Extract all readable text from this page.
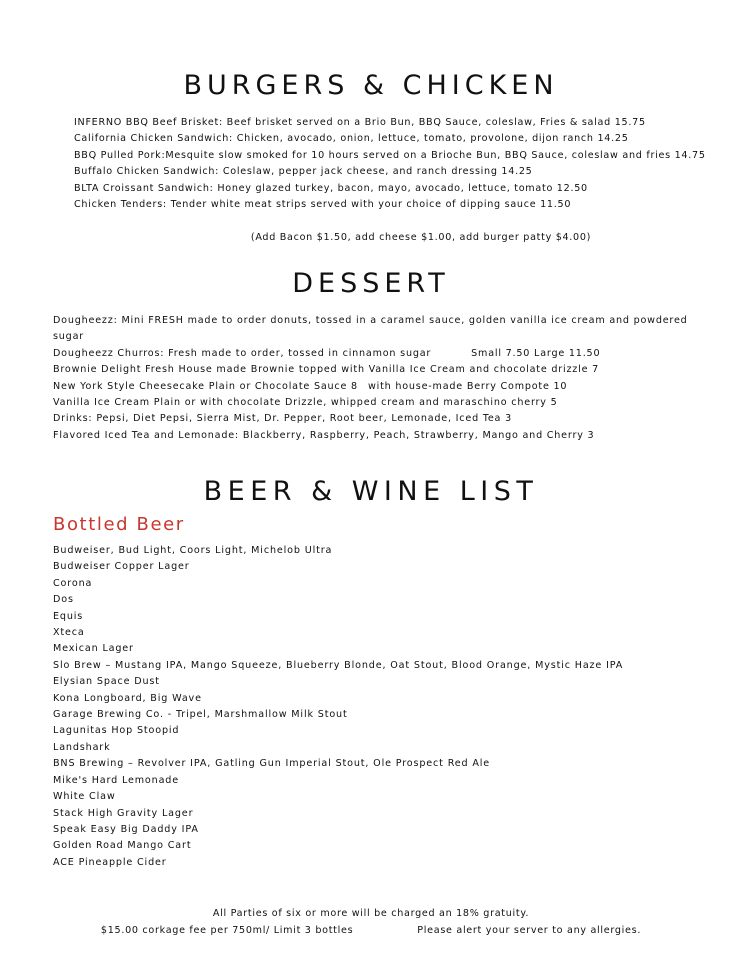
BURGERS & CHICKEN
INFERNO BBQ Beef Brisket: Beef brisket served on a Brio Bun, BBQ Sauce, coleslaw, Fries & salad 15.75
California Chicken Sandwich: Chicken, avocado, onion, lettuce, tomato, provolone, dijon ranch 14.25
BBQ Pulled Pork:Mesquite slow smoked for 10 hours served on a Brioche Bun, BBQ Sauce, coleslaw and fries 14.75
Buffalo Chicken Sandwich: Coleslaw, pepper jack cheese, and ranch dressing 14.25
BLTA Croissant Sandwich: Honey glazed turkey, bacon, mayo, avocado, lettuce, tomato 12.50
Chicken Tenders: Tender white meat strips served with your choice of dipping sauce 11.50
(Add Bacon $1.50, add cheese $1.00, add burger patty $4.00)
DESSERT
Dougheezz: Mini FRESH made to order donuts, tossed in a caramel sauce, golden vanilla ice cream and powdered
sugar
Dougheezz Churros: Fresh made to order, tossed in cinnamon sugar	Small 7.50 Large 11.50
Brownie Delight Fresh House made Brownie topped with Vanilla Ice Cream and chocolate drizzle 7
New York Style Cheesecake Plain or Chocolate Sauce 8 with house-made Berry Compote 10
Vanilla Ice Cream Plain or with chocolate Drizzle, whipped cream and maraschino cherry 5
Drinks: Pepsi, Diet Pepsi, Sierra Mist, Dr. Pepper, Root beer, Lemonade, Iced Tea 3
Flavored Iced Tea and Lemonade: Blackberry, Raspberry, Peach, Strawberry, Mango and Cherry 3
BEER & WINE LIST
Bottled Beer
Budweiser, Bud Light, Coors Light, Michelob Ultra
Budweiser Copper Lager
Corona
Dos
Equis
Xteca
Mexican Lager
Slo Brew – Mustang IPA, Mango Squeeze, Blueberry Blonde, Oat Stout, Blood Orange, Mystic Haze IPA
Elysian Space Dust
Kona Longboard, Big Wave
Garage Brewing Co. - Tripel, Marshmallow Milk Stout
Lagunitas Hop Stoopid
Landshark
BNS Brewing – Revolver IPA, Gatling Gun Imperial Stout, Ole Prospect Red Ale
Mike's Hard Lemonade
White Claw
Stack High Gravity Lager
Speak Easy Big Daddy IPA
Golden Road Mango Cart
ACE Pineapple Cider
All Parties of six or more will be charged an 18% gratuity.
$15.00 corkage fee per 750ml/ Limit 3 bottles	Please alert your server to any allergies.
